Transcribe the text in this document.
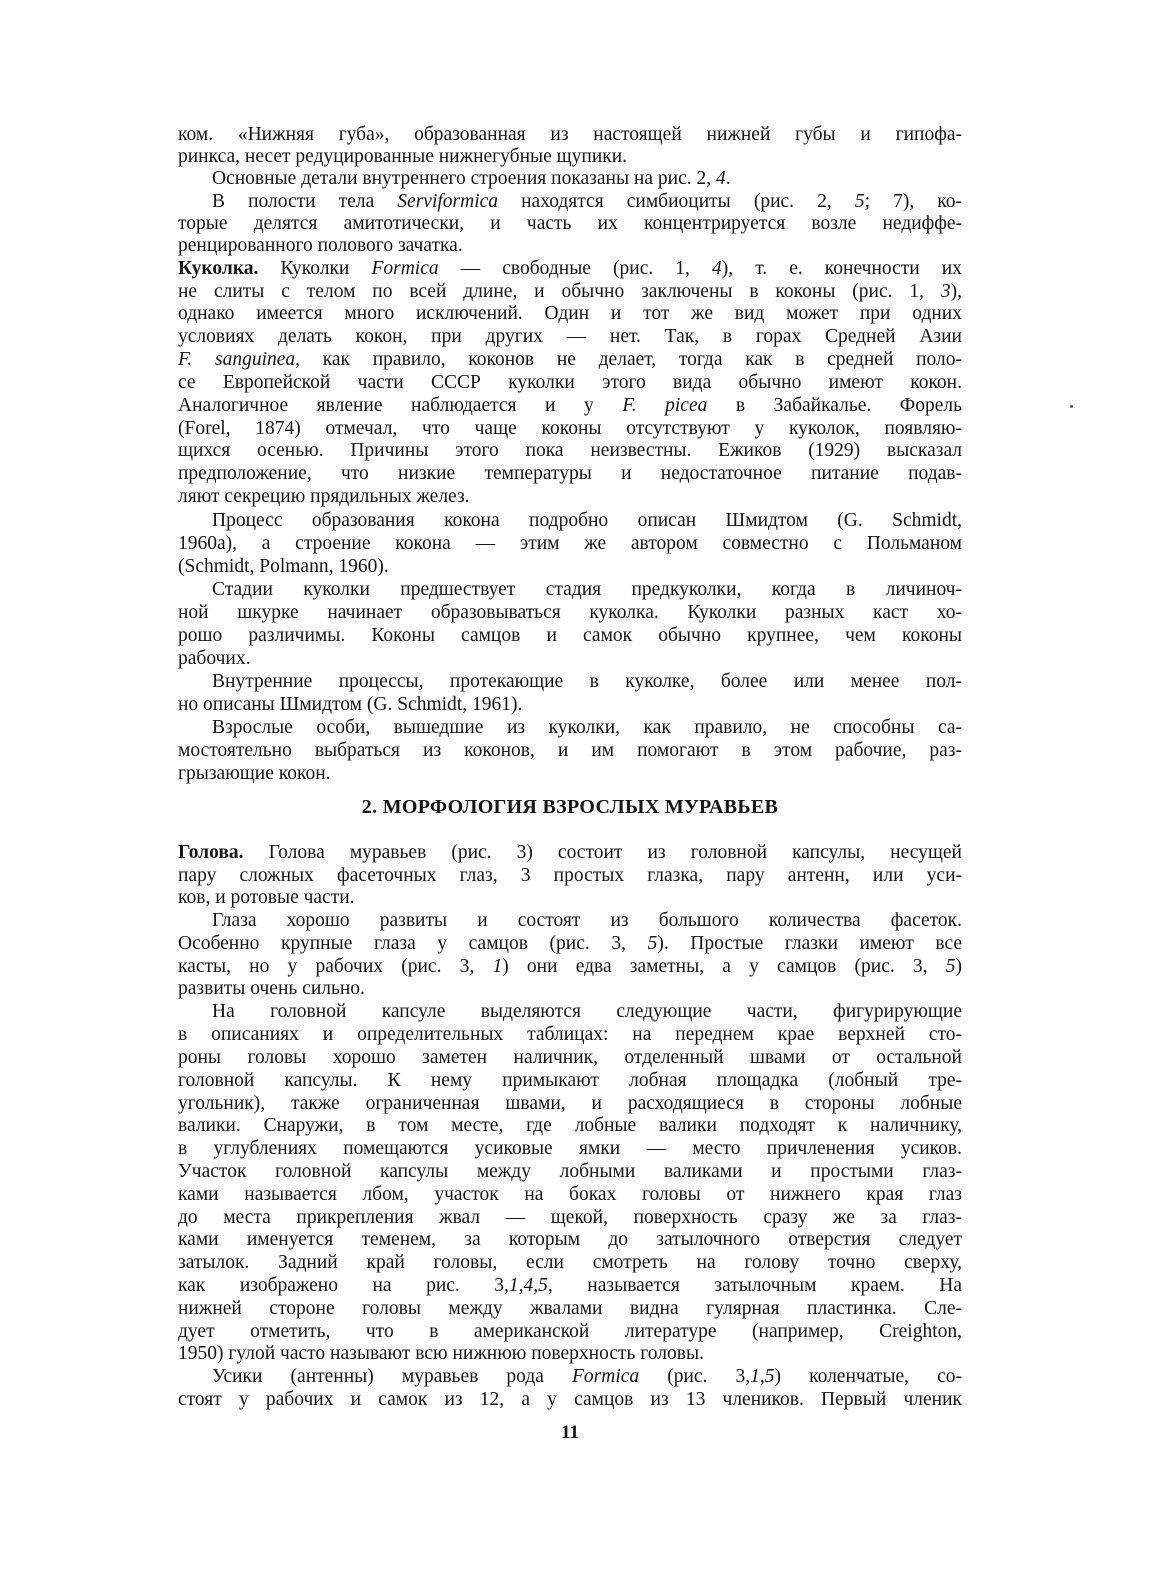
ком. «Нижняя губа», образованная из настоящей нижней губы и гипофа-
ринкса, несет редуцированные нижнегубные щупики.
Основные детали внутреннего строения показаны на рис. 2, 4.
В полости тела Serviformica находятся симбиоциты (рис. 2, 5; 7), ко-
торые делятся амитотически, и часть их концентрируется возле недиффе-
ренцированного полового зачатка.
Куколка. Куколки Formica — свободные (рис. 1, 4), т. е. конечности их
не слиты с телом по всей длине, и обычно заключены в коконы (рис. 1, 3),
однако имеется много исключений. Один и тот же вид может при одних
условиях делать кокон, при других — нет. Так, в горах Средней Азии
F. sanguinea, как правило, коконов не делает, тогда как в средней поло-
се Европейской части СССР куколки этого вида обычно имеют кокон.
Аналогичное явление наблюдается и у F. picea в Забайкалье. Форель
(Forel, 1874) отмечал, что чаще коконы отсутствуют у куколок, появляю-
щихся осенью. Причины этого пока неизвестны. Ежиков (1929) высказал
предположение, что низкие температуры и недостаточное питание подав-
ляют секрецию прядильных желез.
Процесс образования кокона подробно описан Шмидтом (G. Schmidt,
1960a), а строение кокона — этим же автором совместно с Польманом
(Schmidt, Polmann, 1960).
Стадии куколки предшествует стадия предкуколки, когда в личиноч-
ной шкурке начинает образовываться куколка. Куколки разных каст хо-
рошо различимы. Коконы самцов и самок обычно крупнее, чем коконы
рабочих.
Внутренние процессы, протекающие в куколке, более или менее пол-
но описаны Шмидтом (G. Schmidt, 1961).
Взрослые особи, вышедшие из куколки, как правило, не способны са-
мостоятельно выбраться из коконов, и им помогают в этом рабочие, раз-
грызающие кокон.
Голова. Голова муравьев (рис. 3) состоит из головной капсулы, несущей
пару сложных фасеточных глаз, 3 простых глазка, пару антенн, или уси-
ков, и ротовые части.
Глаза хорошо развиты и состоят из большого количества фасеток.
Особенно крупные глаза у самцов (рис. 3, 5). Простые глазки имеют все
касты, но у рабочих (рис. 3, 1) они едва заметны, а у самцов (рис. 3, 5)
развиты очень сильно.
На головной капсуле выделяются следующие части, фигурирующие
в описаниях и определительных таблицах: на переднем крае верхней сто-
роны головы хорошо заметен наличник, отделенный швами от остальной
головной капсулы. К нему примыкают лобная площадка (лобный тре-
угольник), также ограниченная швами, и расходящиеся в стороны лобные
валики. Снаружи, в том месте, где лобные валики подходят к наличнику,
в углублениях помещаются усиковые ямки — место причленения усиков.
Участок головной капсулы между лобными валиками и простыми глаз-
ками называется лбом, участок на боках головы от нижнего края глаз
до места прикрепления жвал — щекой, поверхность сразу же за глаз-
ками именуется теменем, за которым до затылочного отверстия следует
затылок. Задний край головы, если смотреть на голову точно сверху,
как изображено на рис. 3,1,4,5, называется затылочным краем. На
нижней стороне головы между жвалами видна гулярная пластинка. Сле-
дует отметить, что в американской литературе (например, Creighton,
1950) гулой часто называют всю нижнюю поверхность головы.
Усики (антенны) муравьев рода Formica (рис. 3,1,5) коленчатые, со-
стоят у рабочих и самок из 12, а у самцов из 13 члеников. Первый членик
2. МОРФОЛОГИЯ ВЗРОСЛЫХ МУРАВЬЕВ
11
